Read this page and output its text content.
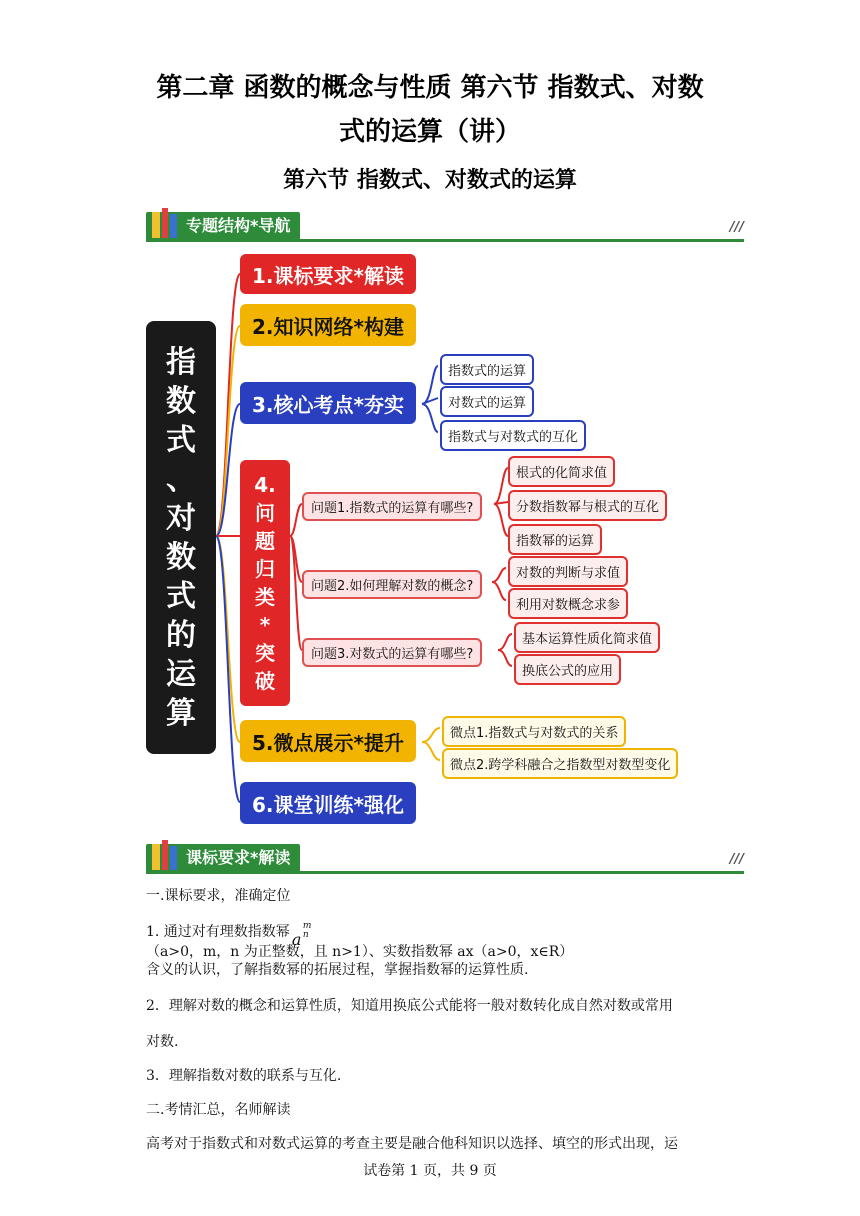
第二章 函数的概念与性质 第六节 指数式、对数
式的运算（讲）
第六节 指数式、对数式的运算
专题结构*导航	///
指
数
式
、
对
数
式
的
运
算
1.课标要求*解读
2.知识网络*构建
3.核心考点*夯实
指数式的运算
对数式的运算
指数式与对数式的互化
4.
问
题
归
类
*
突
破
问题1.指数式的运算有哪些?
问题2.如何理解对数的概念?
问题3.对数式的运算有哪些?
根式的化简求值
分数指数幂与根式的互化
指数幂的运算
对数的判断与求值
利用对数概念求参
基本运算性质化简求值
换底公式的应用
5.微点展示*提升	微点1.指数式与对数式的关系
微点2.跨学科融合之指数型对数型变化
6.课堂训练*强化
课标要求*解读	///
一.课标要求，准确定位
1. 通过对有理数指数幂 a
m
n
（a>0，m，n 为正整数，且 n>1）、实数指数幂 ax（a>0，x∈R）
含义的认识，了解指数幂的拓展过程，掌握指数幂的运算性质.
2．理解对数的概念和运算性质，知道用换底公式能将一般对数转化成自然对数或常用
对数.
3．理解指数对数的联系与互化.
二.考情汇总，名师解读
高考对于指数式和对数式运算的考查主要是融合他科知识以选择、填空的形式出现，运
试卷第 1 页，共 9 页
